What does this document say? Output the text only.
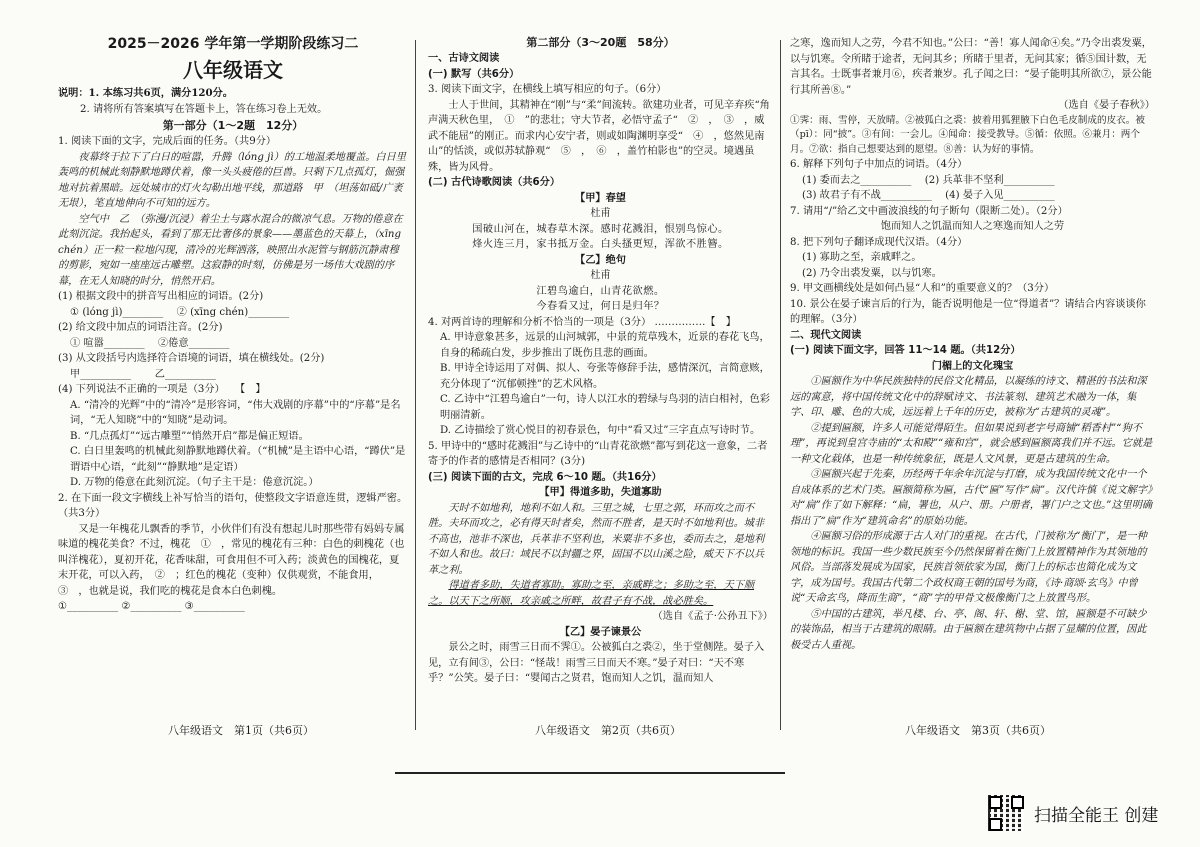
2025－2026 学年第一学期阶段练习二
八年级语文
说明：1. 本练习共6页，满分120分。
2. 请将所有答案填写在答题卡上，答在练习卷上无效。
第一部分（1～2题　12分）
1. 阅读下面的文字，完成后面的任务。（共9分）
夜幕终于拉下了白日的喧嚣，升腾（lóng jì）的工地温柔地覆盖。白日里轰鸣的机械此刻静默地蹲伏着，像一头头疲倦的巨兽。只剩下几点孤灯，倔强地对抗着黑暗。远处城市的灯火勾勒出地平线，那道路　甲　（坦荡如砥/广袤无垠），笔直地伸向不可知的远方。
空气中　乙　（弥漫/沉浸）着尘土与露水混合的微凉气息。万物的倦意在此刻沉淀。我抬起头，看到了那无比奢侈的景象——墨蓝色的天幕上，（xīng chén）正一粒一粒地闪现，清冷的光辉洒落，映照出水泥管与钢筋沉静肃穆的剪影，宛如一座座远古雕塑。这寂静的时刻，仿佛是另一场伟大戏剧的序幕，在无人知晓的时分，悄然开启。
(1) 根据文段中的拼音写出相应的词语。(2分)
① (lóng jì)________　 ② (xīng chén)________
(2) 给文段中加点的词语注音。(2分)
① 喧嚣________　 ②倦意________
(3) 从文段括号内选择符合语境的词语，填在横线处。(2分)
甲__________　　 乙__________
(4) 下列说法不正确的一项是（3分）　　【　】
A. “清冷的光辉”中的“清冷”是形容词，“伟大戏剧的序幕”中的“序幕”是名词，“无人知晓”中的“知晓”是动词。
B. “几点孤灯”“远古雕塑”“悄然开启”都是偏正短语。
C. 白日里轰鸣的机械此刻静默地蹲伏着。（“机械”是主语中心语，“蹲伏”是谓语中心语，“此刻”“静默地”是定语）
D. 万物的倦意在此刻沉淀。（句子主干是：倦意沉淀。）
2. 在下面一段文字横线上补写恰当的语句，使整段文字语意连贯，逻辑严密。（共3分）
又是一年槐花儿飘香的季节，小伙伴们有没有想起儿时那些带有妈妈专属味道的槐花美食？不过，槐花　①　，常见的槐花有三种：白色的刺槐花（也叫洋槐花），夏初开花，花香味甜，可食用但不可入药；淡黄色的国槐花，夏末开花，可以入药，　②　；红色的槐花（变种）仅供观赏，不能食用，　③　，也就是说，我们吃的槐花是食本白色刺槐。
①__________ ②__________ ③__________
八年级语文　第1页（共6页）
第二部分（3～20题　58分）
一、古诗文阅读
(一) 默写（共6分）
3. 阅读下面文字，在横线上填写相应的句子。（6分）
士人于世间，其精神在“刚”与“柔”间流转。欲建功业者，可见辛弃疾“角声满天秋色里，　①　”的悲壮；守大节者，必悟守孟子“　②　，　③　，威武不能屈”的刚正。而求内心安宁者，则或如陶渊明享受“　④　，悠然见南山”的恬淡，或似苏轼静观“　⑤　，　⑥　，盖竹柏影也”的空灵。境遇虽殊，皆为风骨。
(二) 古代诗歌阅读（共6分）
【甲】春望
杜甫
国破山河在，城春草木深。感时花溅泪，恨别鸟惊心。
烽火连三月，家书抵万金。白头搔更短，浑欲不胜簪。
【乙】绝句
杜甫
江碧鸟逾白，山青花欲燃。
今春看又过，何日是归年？
4. 对两首诗的理解和分析不恰当的一项是（3分） ……………【　】
A. 甲诗意象甚多，远景的山河城郭，中景的荒草残木，近景的春花飞鸟，自身的稀疏白发，步步推出了既伤且悲的画面。
B. 甲诗全诗运用了对偶、拟人、夸张等修辞手法，感情深沉，言简意赅，充分体现了“沉郁顿挫”的艺术风格。
C. 乙诗中“江碧鸟逾白”一句，诗人以江水的碧绿与鸟羽的洁白相衬，色彩明丽清新。
D. 乙诗描绘了赏心悦目的初春景色，句中“看又过”三字直点写诗时节。
5. 甲诗中的“感时花溅泪”与乙诗中的“山青花欲燃”都写到花这一意象，二者寄予的作者的感情是否相同？(3分)
(三) 阅读下面的古文，完成 6～10 题。（共16分）
【甲】得道多助，失道寡助
天时不如地利，地利不如人和。三里之城，七里之郭，环而攻之而不胜。夫环而攻之，必有得天时者矣，然而不胜者，是天时不如地利也。城非不高也，池非不深也，兵革非不坚利也，米粟非不多也，委而去之，是地利不如人和也。故曰：域民不以封疆之界，固国不以山溪之险，威天下不以兵革之利。
得道者多助，失道者寡助。寡助之至，亲戚畔之；多助之至，天下顺之。以天下之所顺，攻亲戚之所畔，故君子有不战，战必胜矣。
（选自《孟子·公孙丑下》）
【乙】晏子谏景公
景公之时，雨雪三日而不霁①。公被狐白之裘②，坐于堂侧陛。晏子入见，立有间③，公曰：“怪哉！雨雪三日而天不寒。”晏子对曰：“天不寒乎？”公笑。晏子曰：“婴闻古之贤君，饱而知人之饥，温而知人
八年级语文　第2页（共6页）
之寒，逸而知人之劳，今君不知也。”公曰：“善！寡人闻命④矣。”乃令出裘发粟，以与饥寒。令所睹于途者，无问其乡；所睹于里者，无问其家；循⑤国计数，无言其名。士既事者兼月⑥，疾者兼岁。孔子闻之曰：“晏子能明其所欲⑦，景公能行其所善⑧。”
（选自《晏子春秋》）
①霁：雨、雪停，天放晴。②被狐白之裘：披着用狐狸腋下白色毛皮制成的皮衣。被（pī）：同“披”。③有间：一会儿。④闻命：接受教导。⑤循：依照。⑥兼月：两个月。⑦欲：指自己想要达到的愿望。⑧善：认为好的事情。
6. 解释下列句子中加点的词语。（4分）
(1) 委而去之__________　 (2) 兵革非不坚利__________
(3) 故君子有不战__________　 (4) 晏子入见__________
7. 请用“/”给乙文中画波浪线的句子断句（限断二处）。（2分）
饱而知人之饥温而知人之寒逸而知人之劳
8. 把下列句子翻译成现代汉语。（4分）
(1) 寡助之至，亲戚畔之。
(2) 乃令出裘发粟，以与饥寒。
9. 甲文画横线处是如何凸显“人和”的重要意义的？（3分）
10. 景公在晏子谏言后的行为，能否说明他是一位“得道者”？请结合内容谈谈你的理解。（3分）
二、现代文阅读
(一) 阅读下面文字，回答 11～14 题。（共12分）
门楣上的文化瑰宝
①匾额作为中华民族独特的民俗文化精品，以凝练的诗文、精湛的书法和深远的寓意，将中国传统文化中的辞赋诗文、书法篆刻、建筑艺术融为一体，集字、印、雕、色的大成，远远着上千年的历史，被称为“古建筑的灵魂”。
②提到匾额，许多人可能觉得陌生。但如果说到老字号商铺“稻香村”“狗不理”，再说到皇宫寺庙的“太和殿”“雍和宫”，就会感到匾额离我们并不远。它就是一种文化载体，也是一种传统象征，既是人文风景，更是古建筑的生命。
③匾额兴起于先秦，历经两千年余年沉淀与打磨，成为我国传统文化中一个自成体系的艺术门类。匾额简称为匾，古代“匾”写作“扁”。汉代许慎《说文解字》对“扁”作了如下解释：“扁，署也，从户、册。户册者，署门户之文也。”这里明确指出了“扁”作为“建筑命名”的原始功能。
④匾额习俗的形成源于古人对门的重视。在古代，门被称为“衡门”，是一种领地的标识。我国一些少数民族至今仍然保留着在衡门上放置精神作为其领地的风俗。当部落发展成为国家，民族首领依家为国，衡门上的标志也简化成为文字，成为国号。我国古代第二个政权商王朝的国号为商，《诗·商颂·玄鸟》中曾说“天命玄鸟，降而生商”，“商”字的甲骨文极像衡门之上放置鸟形。
⑤中国的古建筑，举凡楼、台、亭、阁、轩、榭、堂、馆，匾额是不可缺少的装饰品，相当于古建筑的眼睛。由于匾额在建筑物中占据了显耀的位置，因此极受古人重视。
八年级语文　第3页（共6页）
扫描全能王 创建
